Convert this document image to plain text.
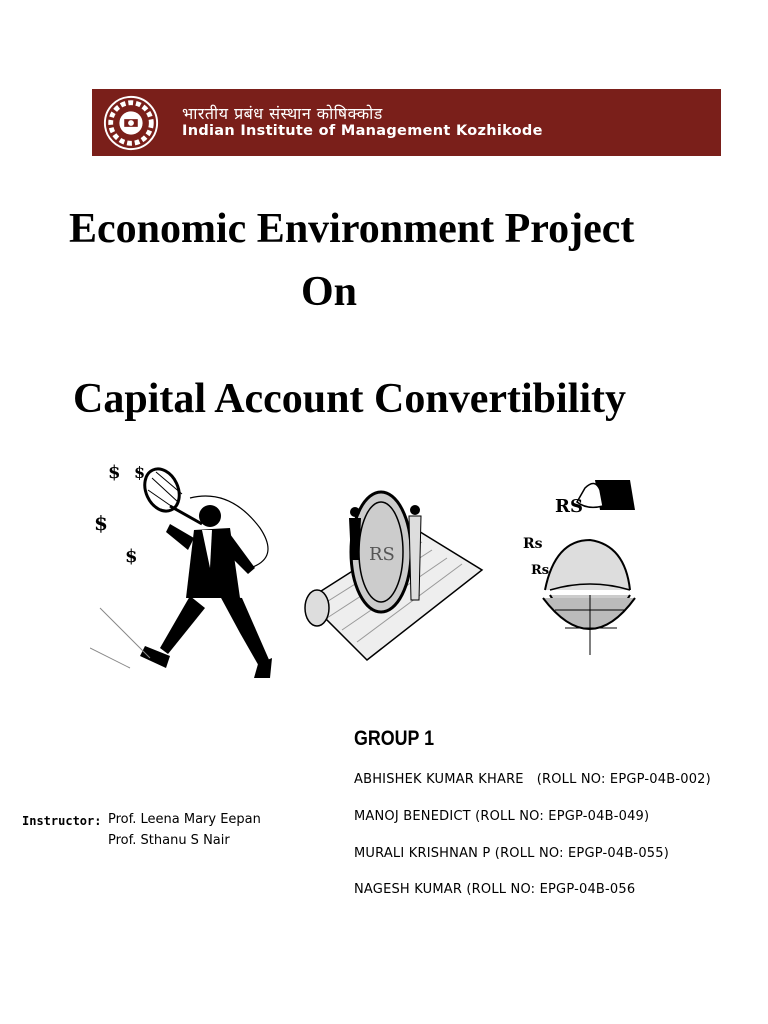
भारतीय प्रबंध संस्थान कोषिक्कोड
Indian Institute of Management Kozhikode
Economic Environment Project
On
Capital Account Convertibility
$ $
$
$	RS
RS
Rs
Rs
GROUP 1
ABHISHEK KUMAR KHARE   (ROLL NO: EPGP-04B-002)
MANOJ BENEDICT (ROLL NO: EPGP-04B-049)
MURALI KRISHNAN P (ROLL NO: EPGP-04B-055)
NAGESH KUMAR (ROLL NO: EPGP-04B-056
Instructor: Prof. Leena Mary Eepan
Prof. Sthanu S Nair
